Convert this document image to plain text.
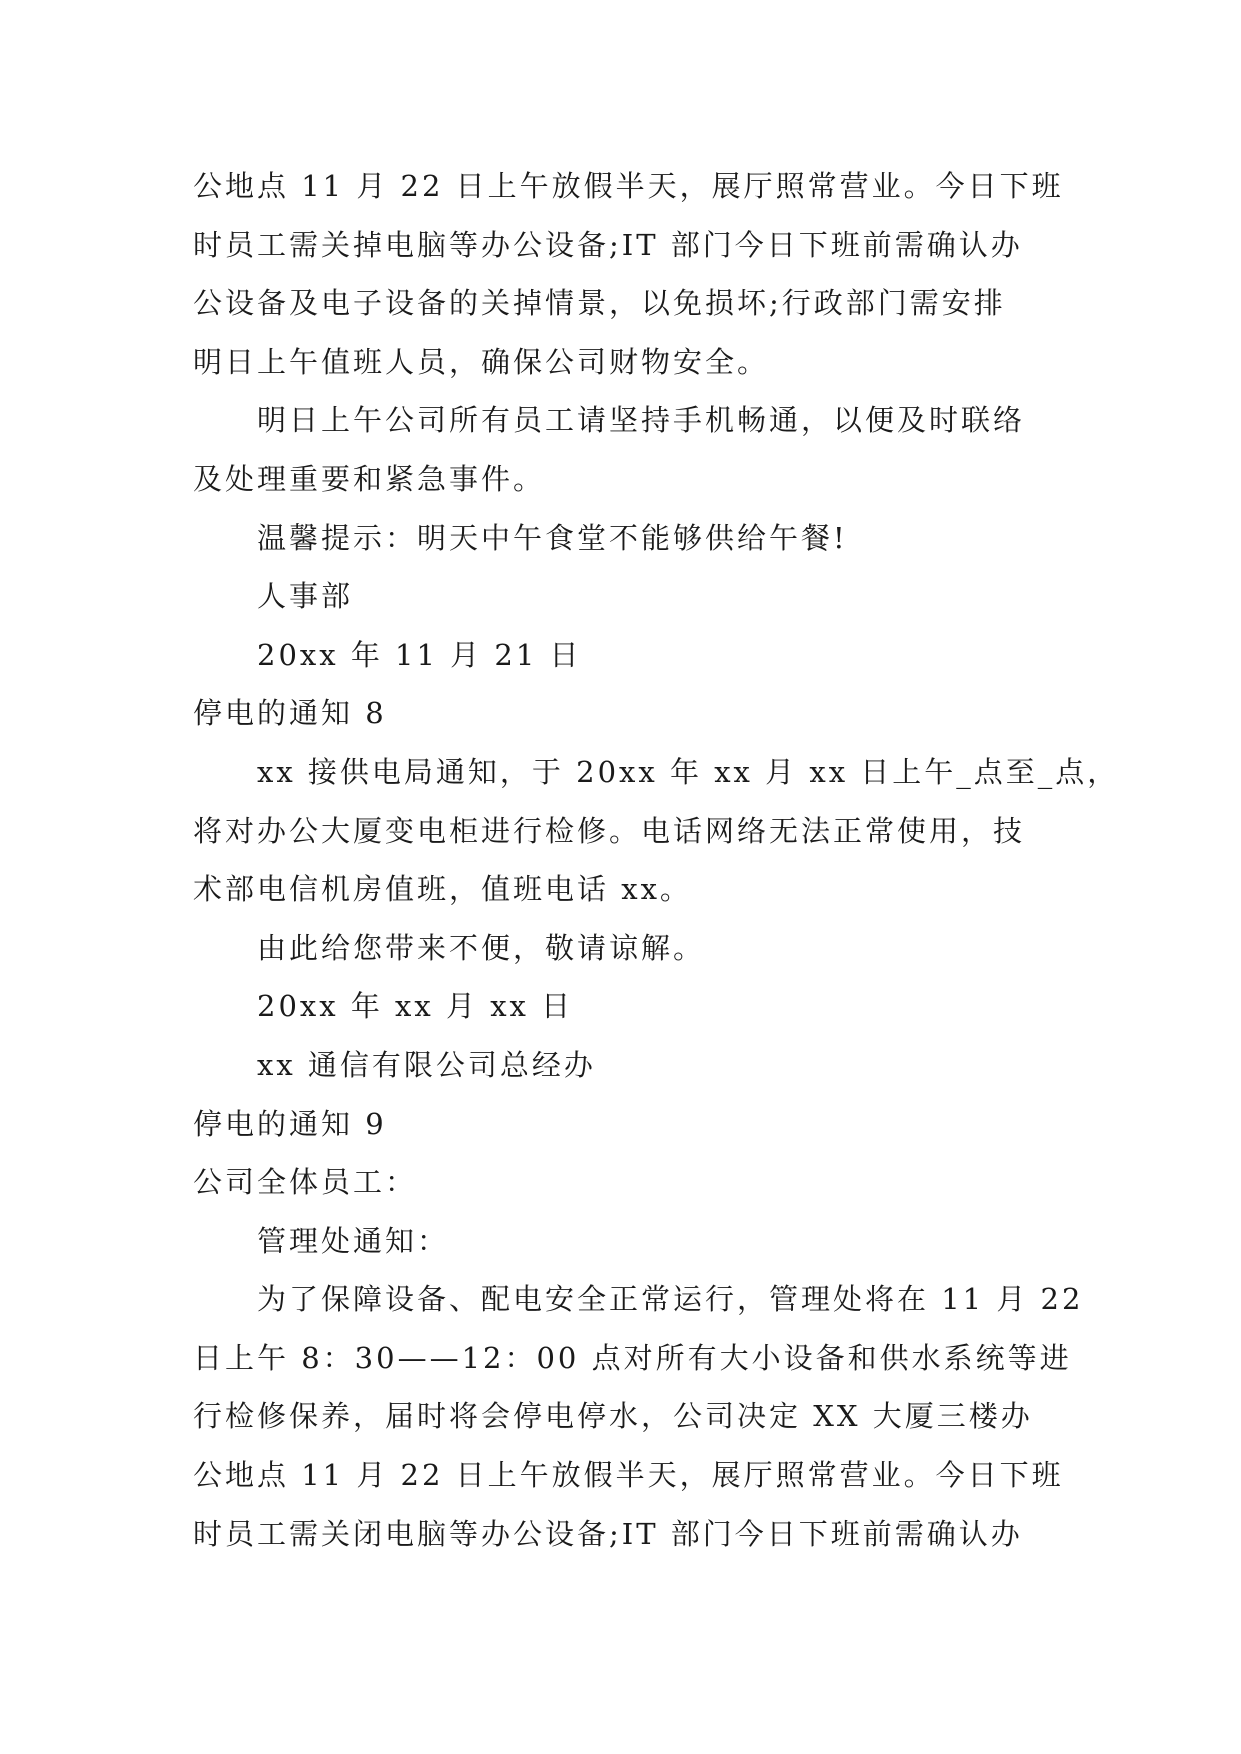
公地点 11 月 22 日上午放假半天，展厅照常营业。今日下班
时员工需关掉电脑等办公设备;IT 部门今日下班前需确认办
公设备及电子设备的关掉情景，以免损坏;行政部门需安排
明日上午值班人员，确保公司财物安全。
明日上午公司所有员工请坚持手机畅通，以便及时联络
及处理重要和紧急事件。
温馨提示：明天中午食堂不能够供给午餐!
人事部
20xx 年 11 月 21 日
停电的通知 8
xx 接供电局通知，于 20xx 年 xx 月 xx 日上午_点至_点，
将对办公大厦变电柜进行检修。电话网络无法正常使用，技
术部电信机房值班，值班电话 xx。
由此给您带来不便，敬请谅解。
20xx 年 xx 月 xx 日
xx 通信有限公司总经办
停电的通知 9
公司全体员工：
管理处通知：
为了保障设备、配电安全正常运行，管理处将在 11 月 22
日上午 8：30——12：00 点对所有大小设备和供水系统等进
行检修保养，届时将会停电停水，公司决定 XX 大厦三楼办
公地点 11 月 22 日上午放假半天，展厅照常营业。今日下班
时员工需关闭电脑等办公设备;IT 部门今日下班前需确认办
